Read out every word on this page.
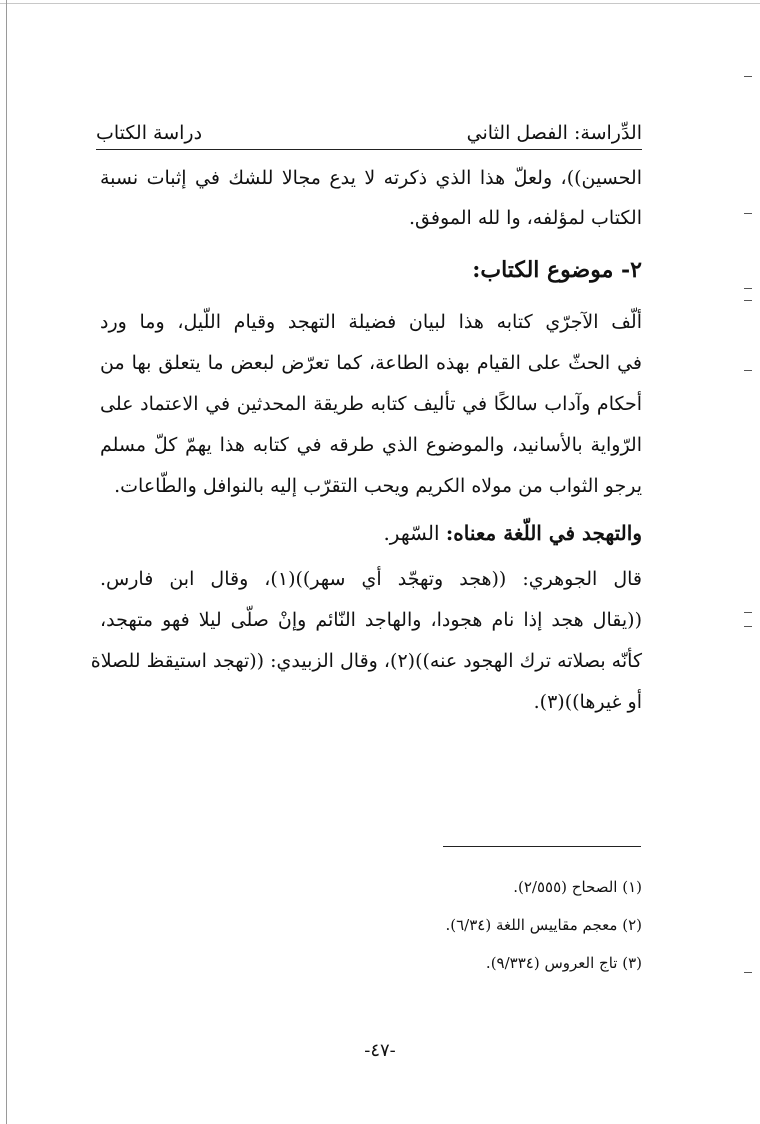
الدِّراسة: الفصل الثاني
دراسة الكتاب

الحسين))، ولعلّ هذا الذي ذكرته لا يدع مجالا للشك في إثبات نسبة

الكتاب لمؤلفه، وا لله الموفق.

٢- موضوع الكتاب:

ألّف الآجرّي كتابه هذا لبيان فضيلة التهجد وقيام اللّيل، وما ورد

في الحثّ على القيام بهذه الطاعة، كما تعرّض لبعض ما يتعلق بها من

أحكام وآداب سالكًا في تأليف كتابه طريقة المحدثين في الاعتماد على

الرّواية بالأسانيد، والموضوع الذي طرقه في كتابه هذا يهمّ كلّ مسلم

يرجو الثواب من مولاه الكريم ويحب التقرّب إليه بالنوافل والطّاعات.

والتهجد في اللّغة معناه: السّهر.

قال الجوهري: ((هجد وتهجّد أي سهر))(١)، وقال ابن فارس.

((يقال هجد إذا نام هجودا، والهاجد النّائم وإنْ صلّى ليلا فهو متهجد،

كأنّه بصلاته ترك الهجود عنه))(٢)، وقال الزبيدي: ((تهجد استيقظ للصلاة

أو غيرها))(٣).

(١) الصحاح (٢/٥٥٥).

(٢) معجم مقاييس اللغة (٦/٣٤).

(٣) تاج العروس (٩/٣٣٤).

-٤٧-
